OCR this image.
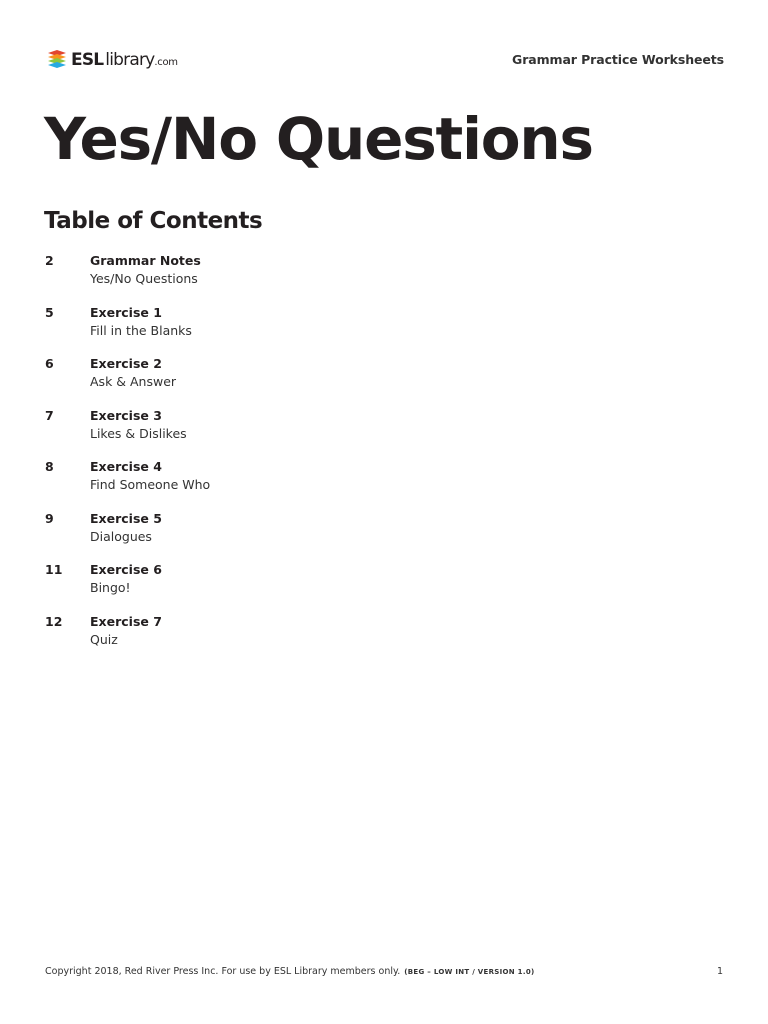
ESL library .com	Grammar Practice Worksheets
Yes/No Questions
Table of Contents
2	Grammar Notes
Yes/No Questions
5	Exercise 1
Fill in the Blanks
6	Exercise 2
Ask & Answer
7	Exercise 3
Likes & Dislikes
8	Exercise 4
Find Someone Who
9	Exercise 5
Dialogues
11 Exercise 6
Bingo!
12 Exercise 7
Quiz
Copyright 2018, Red River Press Inc. For use by ESL Library members only. (BEG – LOW INT / VERSION 1.0)	1
